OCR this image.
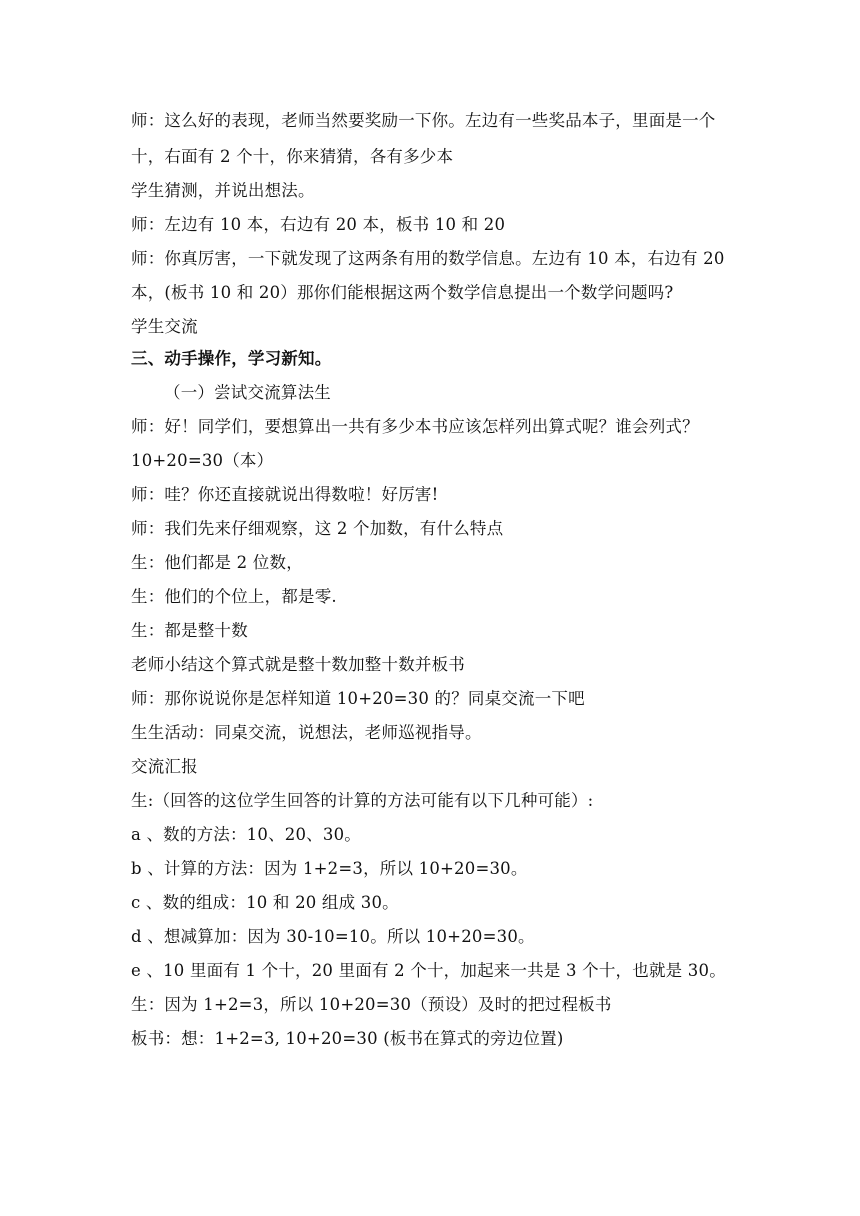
师：这么好的表现，老师当然要奖励一下你。左边有一些奖品本子，里面是一个
十，右面有 2 个十，你来猜猜，各有多少本
学生猜测，并说出想法。
师：左边有 10 本，右边有 20 本，板书 10 和 20
师：你真厉害，一下就发现了这两条有用的数学信息。左边有 10 本，右边有 20
本，(板书 10 和 20）那你们能根据这两个数学信息提出一个数学问题吗?
学生交流
三、动手操作，学习新知。
（一）尝试交流算法生
师：好！同学们，要想算出一共有多少本书应该怎样列出算式呢？谁会列式？
10+20=30（本）
师：哇？你还直接就说出得数啦！好厉害!
师：我们先来仔细观察，这 2 个加数，有什么特点
生：他们都是 2 位数，
生：他们的个位上，都是零.
生：都是整十数
老师小结这个算式就是整十数加整十数并板书
师：那你说说你是怎样知道 10+20=30 的？同桌交流一下吧
生生活动：同桌交流，说想法，老师巡视指导。
交流汇报
生:（回答的这位学生回答的计算的方法可能有以下几种可能）:
a 、数的方法：10、20、30。
b 、计算的方法：因为 1+2=3，所以 10+20=30。
c 、数的组成：10 和 20 组成 30。
d 、想减算加：因为 30-10=10。所以 10+20=30。
e 、10 里面有 1 个十，20 里面有 2 个十，加起来一共是 3 个十，也就是 30。
生：因为 1+2=3，所以 10+20=30（预设）及时的把过程板书
板书：想：1+2=3, 10+20=30 (板书在算式的旁边位置)
